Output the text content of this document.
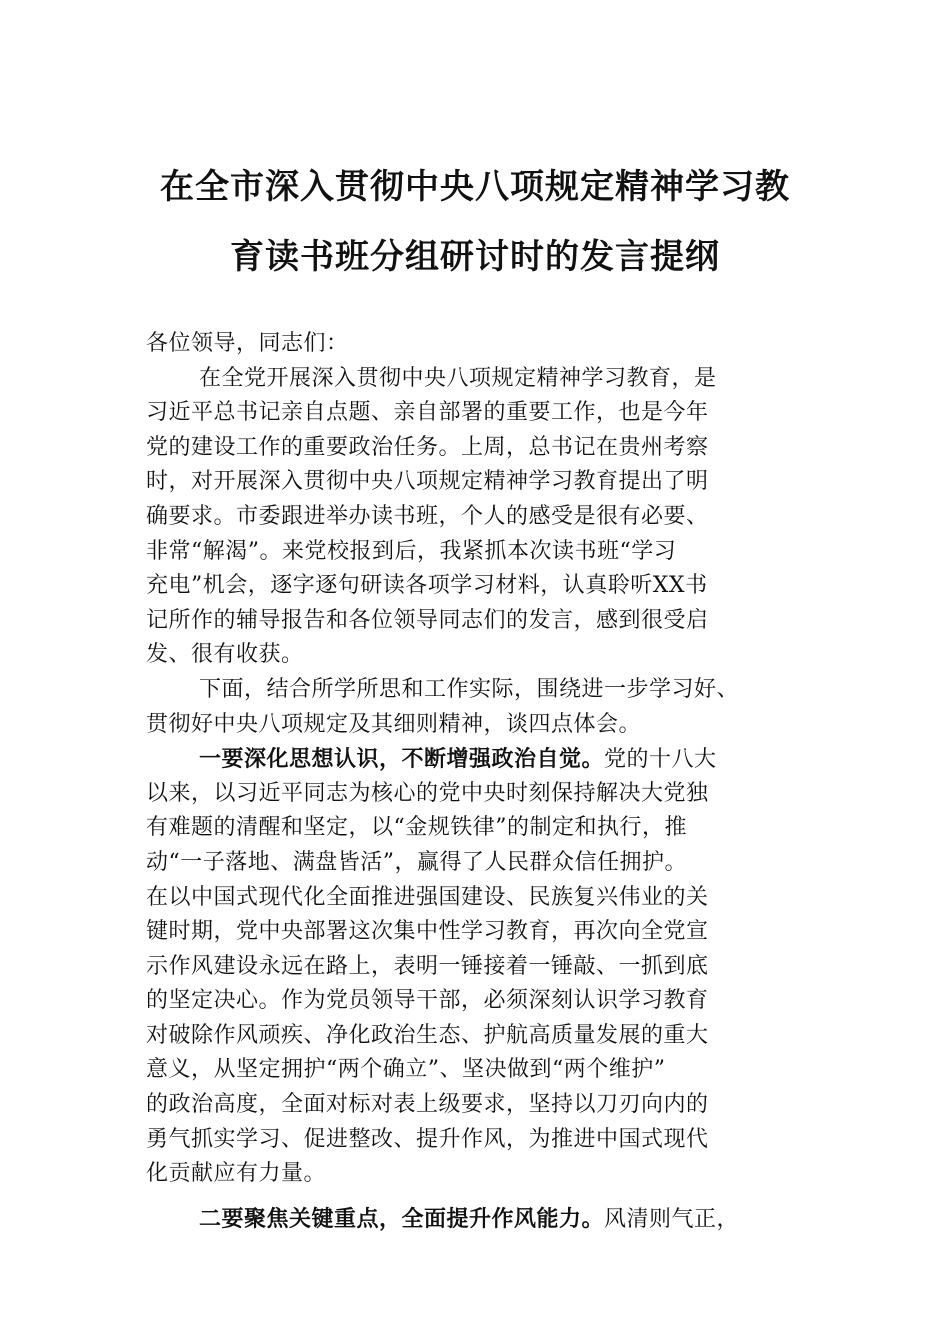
在全市深入贯彻中央八项规定精神学习教
育读书班分组研讨时的发言提纲
各位领导，同志们：
在全党开展深入贯彻中央八项规定精神学习教育，是
习近平总书记亲自点题、亲自部署的重要工作，也是今年
党的建设工作的重要政治任务。上周，总书记在贵州考察
时，对开展深入贯彻中央八项规定精神学习教育提出了明
确要求。市委跟进举办读书班，个人的感受是很有必要、
非常“解渴”。来党校报到后，我紧抓本次读书班“学习
充电”机会，逐字逐句研读各项学习材料，认真聆听XX书
记所作的辅导报告和各位领导同志们的发言，感到很受启
发、很有收获。
下面，结合所学所思和工作实际，围绕进一步学习好、
贯彻好中央八项规定及其细则精神，谈四点体会。
一要深化思想认识，不断增强政治自觉。党的十八大
以来，以习近平同志为核心的党中央时刻保持解决大党独
有难题的清醒和坚定，以“金规铁律”的制定和执行，推
动“一子落地、满盘皆活”，赢得了人民群众信任拥护。
在以中国式现代化全面推进强国建设、民族复兴伟业的关
键时期，党中央部署这次集中性学习教育，再次向全党宣
示作风建设永远在路上，表明一锤接着一锤敲、一抓到底
的坚定决心。作为党员领导干部，必须深刻认识学习教育
对破除作风顽疾、净化政治生态、护航高质量发展的重大
意义，从坚定拥护“两个确立”、坚决做到“两个维护”
的政治高度，全面对标对表上级要求，坚持以刀刃向内的
勇气抓实学习、促进整改、提升作风，为推进中国式现代
化贡献应有力量。
二要聚焦关键重点，全面提升作风能力。风清则气正，
